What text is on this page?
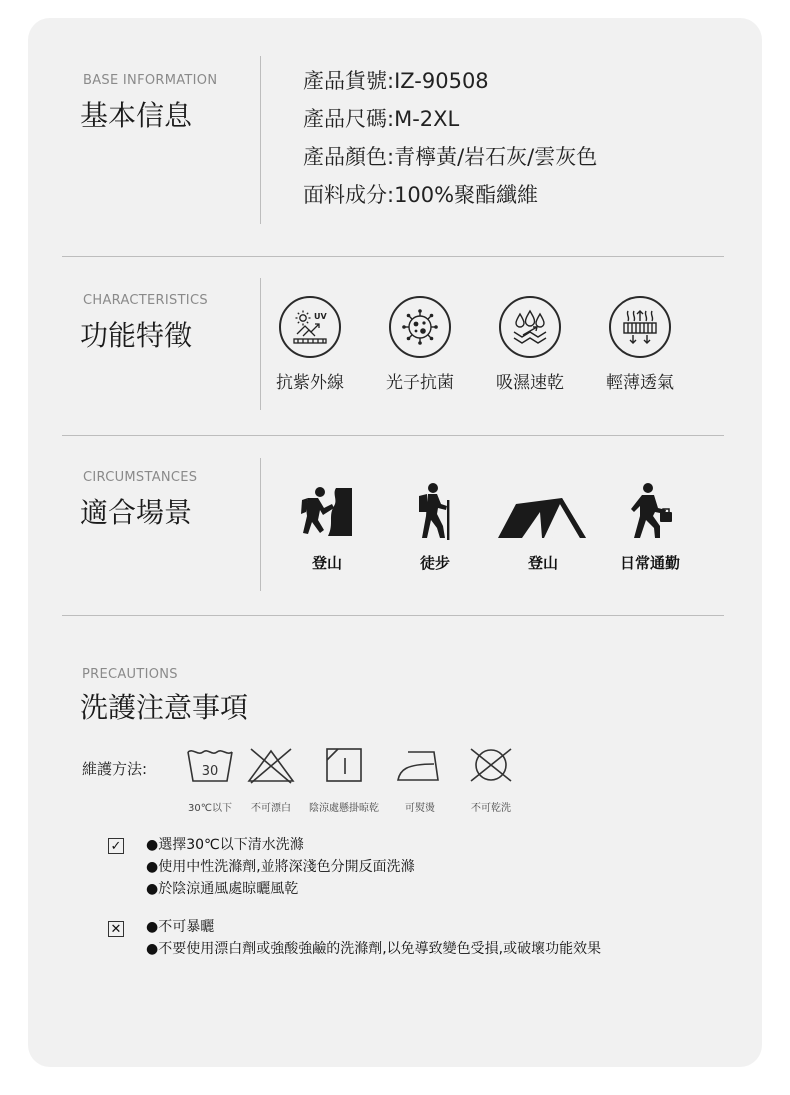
BASE INFORMATION
基本信息
產品貨號:IZ-90508
產品尺碼:M-2XL
產品顏色:青檸黃/岩石灰/雲灰色
面料成分:100%聚酯纖維
CHARACTERISTICS
功能特徵
UV
抗紫外線	光子抗菌	吸濕速乾	輕薄透氣
CIRCUMSTANCES
適合場景
登山	徒步	登山	日常通勤
PRECAUTIONS
洗護注意事項
維護方法:	30
30℃以下	不可漂白	陰涼處懸掛晾乾	可熨燙	不可乾洗
✓ ●選擇30℃以下清水洗滌
●使用中性洗滌劑,並將深淺色分開反面洗滌
●於陰涼通風處晾曬風乾
✕ ●不可暴曬
●不要使用漂白劑或強酸強鹼的洗滌劑,以免導致變色受損,或破壞功能效果
